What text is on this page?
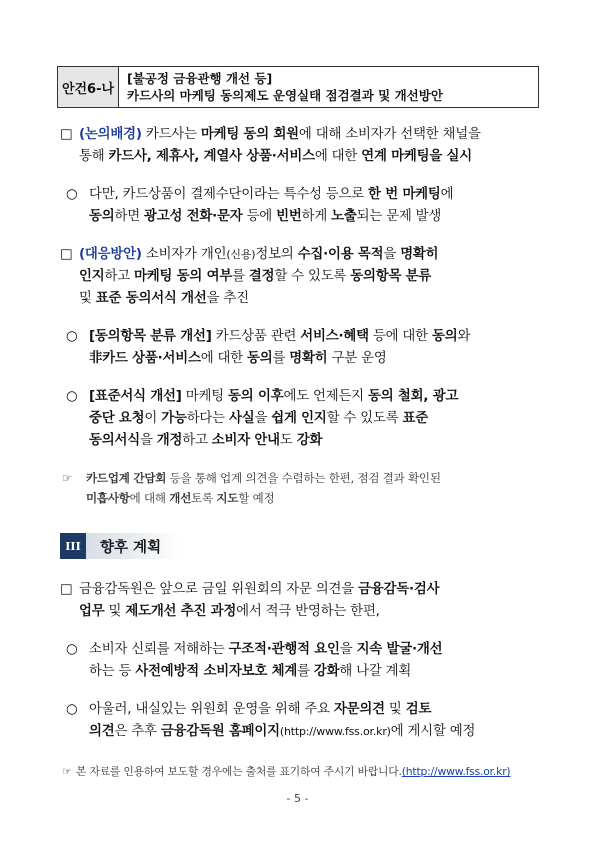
안건6-나
[불공정 금융관행 개선 등]
카드사의 마케팅 동의제도 운영실태 점검결과 및 개선방안
□ (논의배경) 카드사는 마케팅 동의 회원에 대해 소비자가 선택한 채널을
통해 카드사, 제휴사, 계열사 상품·서비스에 대한 연계 마케팅을 실시
○ 다만, 카드상품이 결제수단이라는 특수성 등으로 한 번 마케팅에
동의하면 광고성 전화·문자 등에 빈번하게 노출되는 문제 발생
□ (대응방안) 소비자가 개인(신용)정보의 수집·이용 목적을 명확히
인지하고 마케팅 동의 여부를 결정할 수 있도록 동의항목 분류
및 표준 동의서식 개선을 추진
○ [동의항목 분류 개선] 카드상품 관련 서비스·혜택 등에 대한 동의와
非카드 상품·서비스에 대한 동의를 명확히 구분 운영
○ [표준서식 개선] 마케팅 동의 이후에도 언제든지 동의 철회, 광고
중단 요청이 가능하다는 사실을 쉽게 인지할 수 있도록 표준
동의서식을 개정하고 소비자 안내도 강화
☞ 카드업계 간담회 등을 통해 업계 의견을 수렴하는 한편, 점검 결과 확인된
미흡사항에 대해 개선토록 지도할 예정
III	향후 계획
□ 금융감독원은 앞으로 금일 위원회의 자문 의견을 금융감독·검사
업무 및 제도개선 추진 과정에서 적극 반영하는 한편,
○ 소비자 신뢰를 저해하는 구조적·관행적 요인을 지속 발굴·개선
하는 등 사전예방적 소비자보호 체계를 강화해 나갈 계획
○ 아울러, 내실있는 위원회 운영을 위해 주요 자문의견 및 검토
의견은 추후 금융감독원 홈페이지(http://www.fss.or.kr)에 게시할 예정
☞ 본 자료를 인용하여 보도할 경우에는 출처를 표기하여 주시기 바랍니다.(http://www.fss.or.kr)
- 5 -
